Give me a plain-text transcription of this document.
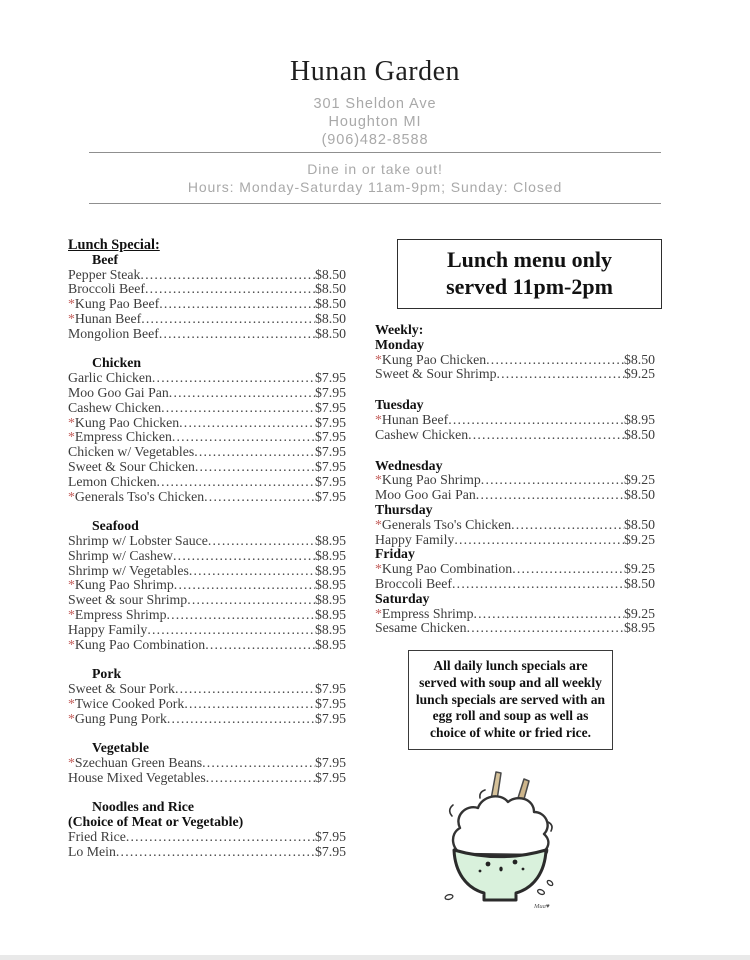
Hunan Garden
301 Sheldon Ave
Houghton MI
(906)482-8588
Dine in or take out!
Hours: Monday-Saturday 11am-9pm; Sunday: Closed
Lunch Special:
Beef
Pepper Steak .....	$8.50
Broccoli Beef .....	$8.50
*Kung Pao Beef .....	$8.50
*Hunan Beef .....	$8.50
Mongolion Beef .....	$8.50
Chicken
Garlic Chicken .....	$7.95
Moo Goo Gai Pan .....	$7.95
Cashew Chicken .....	$7.95
*Kung Pao Chicken .....	$7.95
*Empress Chicken .....	$7.95
Chicken w/ Vegetables .....	$7.95
Sweet & Sour Chicken .....	$7.95
Lemon Chicken .....	$7.95
*Generals Tso's Chicken .....	$7.95
Seafood
Shrimp w/ Lobster Sauce .....	$8.95
Shrimp w/ Cashew .....	$8.95
Shrimp w/ Vegetables .....	$8.95
*Kung Pao Shrimp .....	$8.95
Sweet & sour Shrimp .....	$8.95
*Empress Shrimp .....	$8.95
Happy Family .....	$8.95
*Kung Pao Combination .....	$8.95
Pork
Sweet & Sour Pork .....	$7.95
*Twice Cooked Pork .....	$7.95
*Gung Pung Pork .....	$7.95
Vegetable
*Szechuan Green Beans .....	$7.95
House Mixed Vegetables .....	$7.95
Noodles and Rice
(Choice of Meat or Vegetable)
Fried Rice .....	$7.95
Lo Mein .....	$7.95
Lunch menu only
served 11pm-2pm
Weekly:
Monday
*Kung Pao Chicken .....	$8.50
Sweet & Sour Shrimp .....	$9.25
Tuesday
*Hunan Beef .....	$8.95
Cashew Chicken .....	$8.50
Wednesday
*Kung Pao Shrimp .....	$9.25
Moo Goo Gai Pan .....	$8.50
Thursday
*Generals Tso's Chicken .....	$8.50
Happy Family .....	$9.25
Friday
*Kung Pao Combination .....	$9.25
Broccoli Beef .....	$8.50
Saturday
*Empress Shrimp .....	$9.25
Sesame Chicken .....	$8.95
All daily lunch specials are served with soup and all weekly lunch specials are served with an egg roll and soup as well as choice of white or fried rice.
Mua♥
